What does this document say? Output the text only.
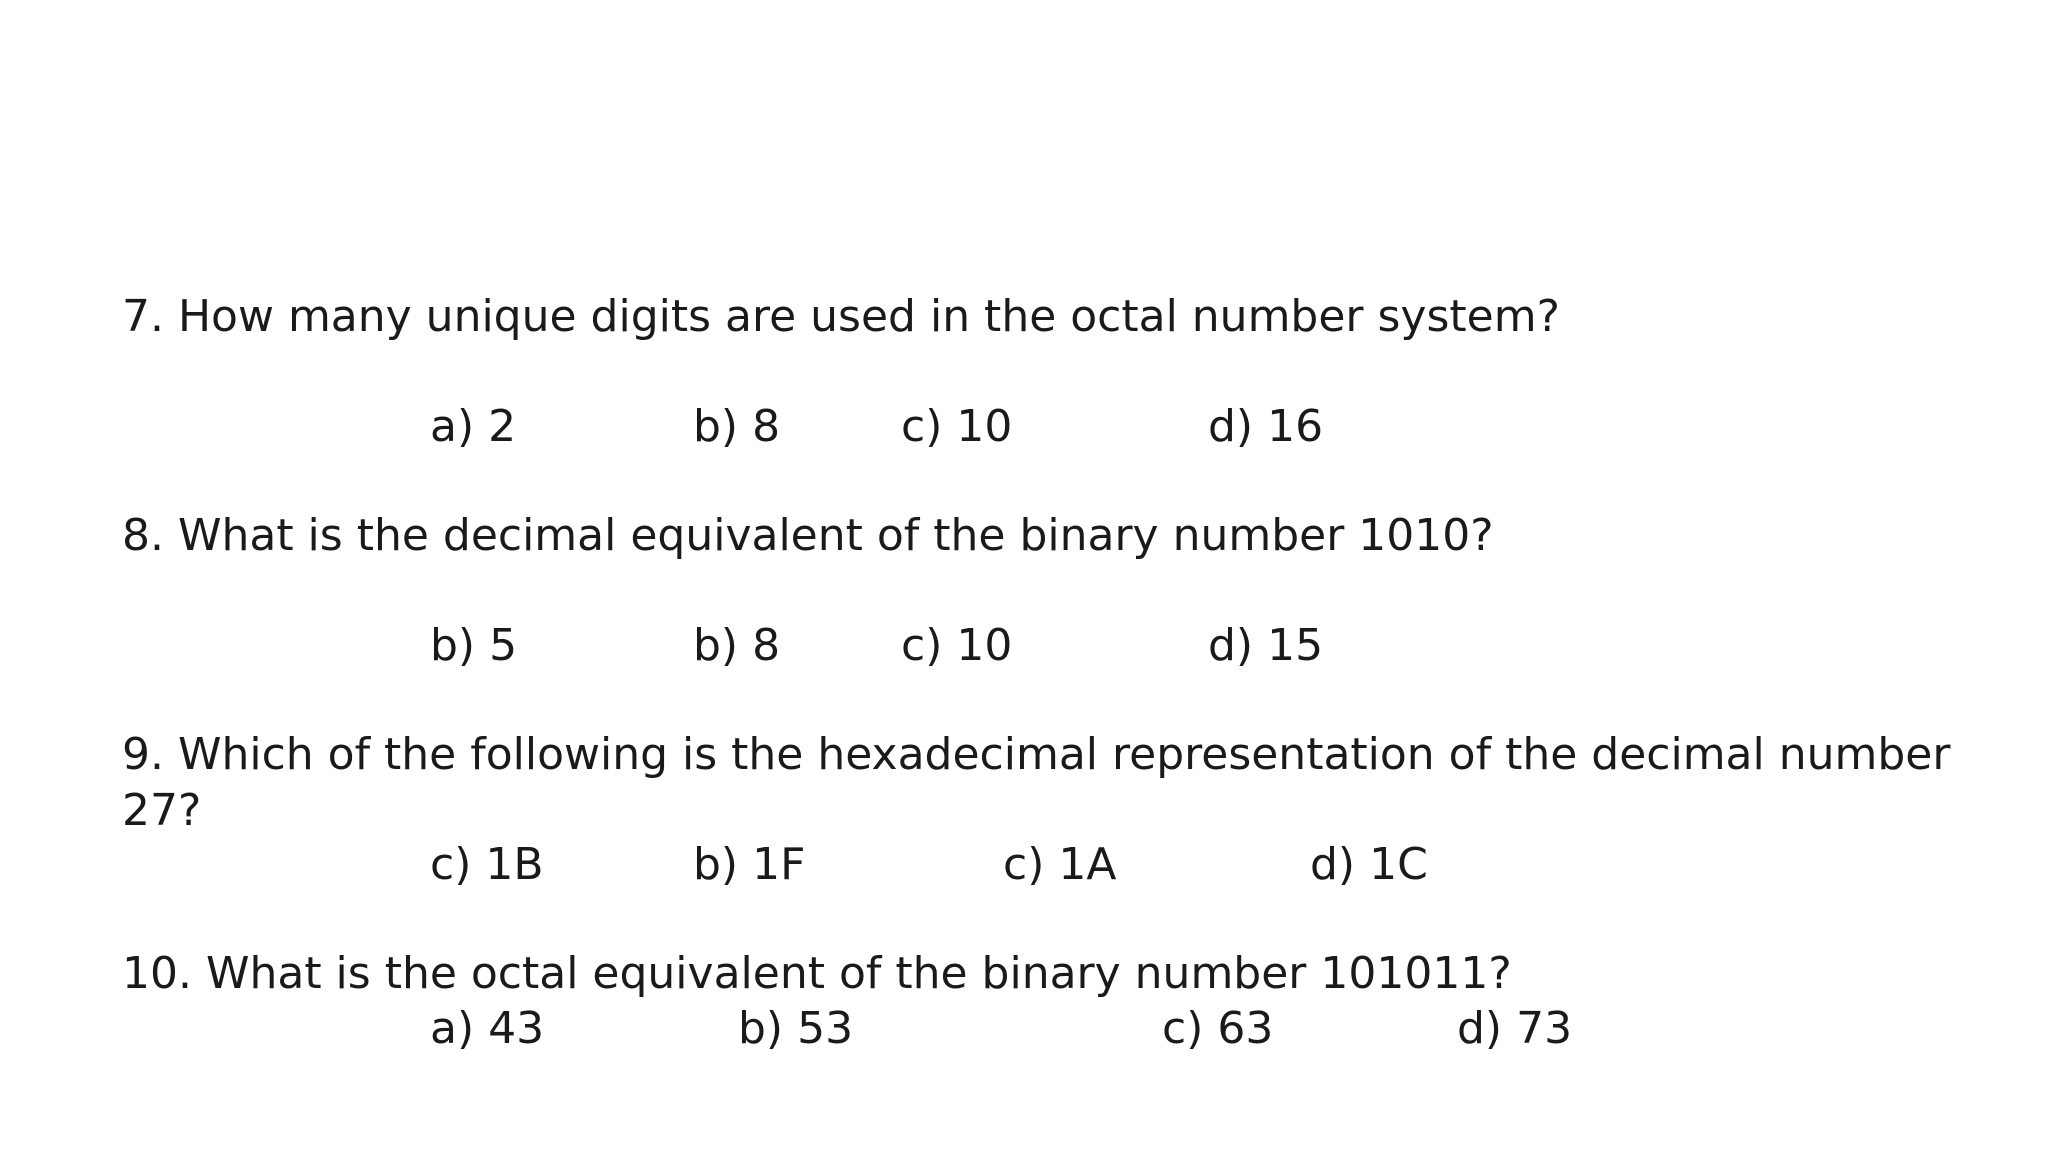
7. How many unique digits are used in the octal number system?
a) 2	b) 8	c) 10	d) 16
8. What is the decimal equivalent of the binary number 1010?
b) 5	b) 8	c) 10	d) 15
9. Which of the following is the hexadecimal representation of the decimal number 27?
c) 1B	b) 1F	c) 1A	d) 1C
10. What is the octal equivalent of the binary number 101011?
a) 43	b) 53	c) 63	d) 73
